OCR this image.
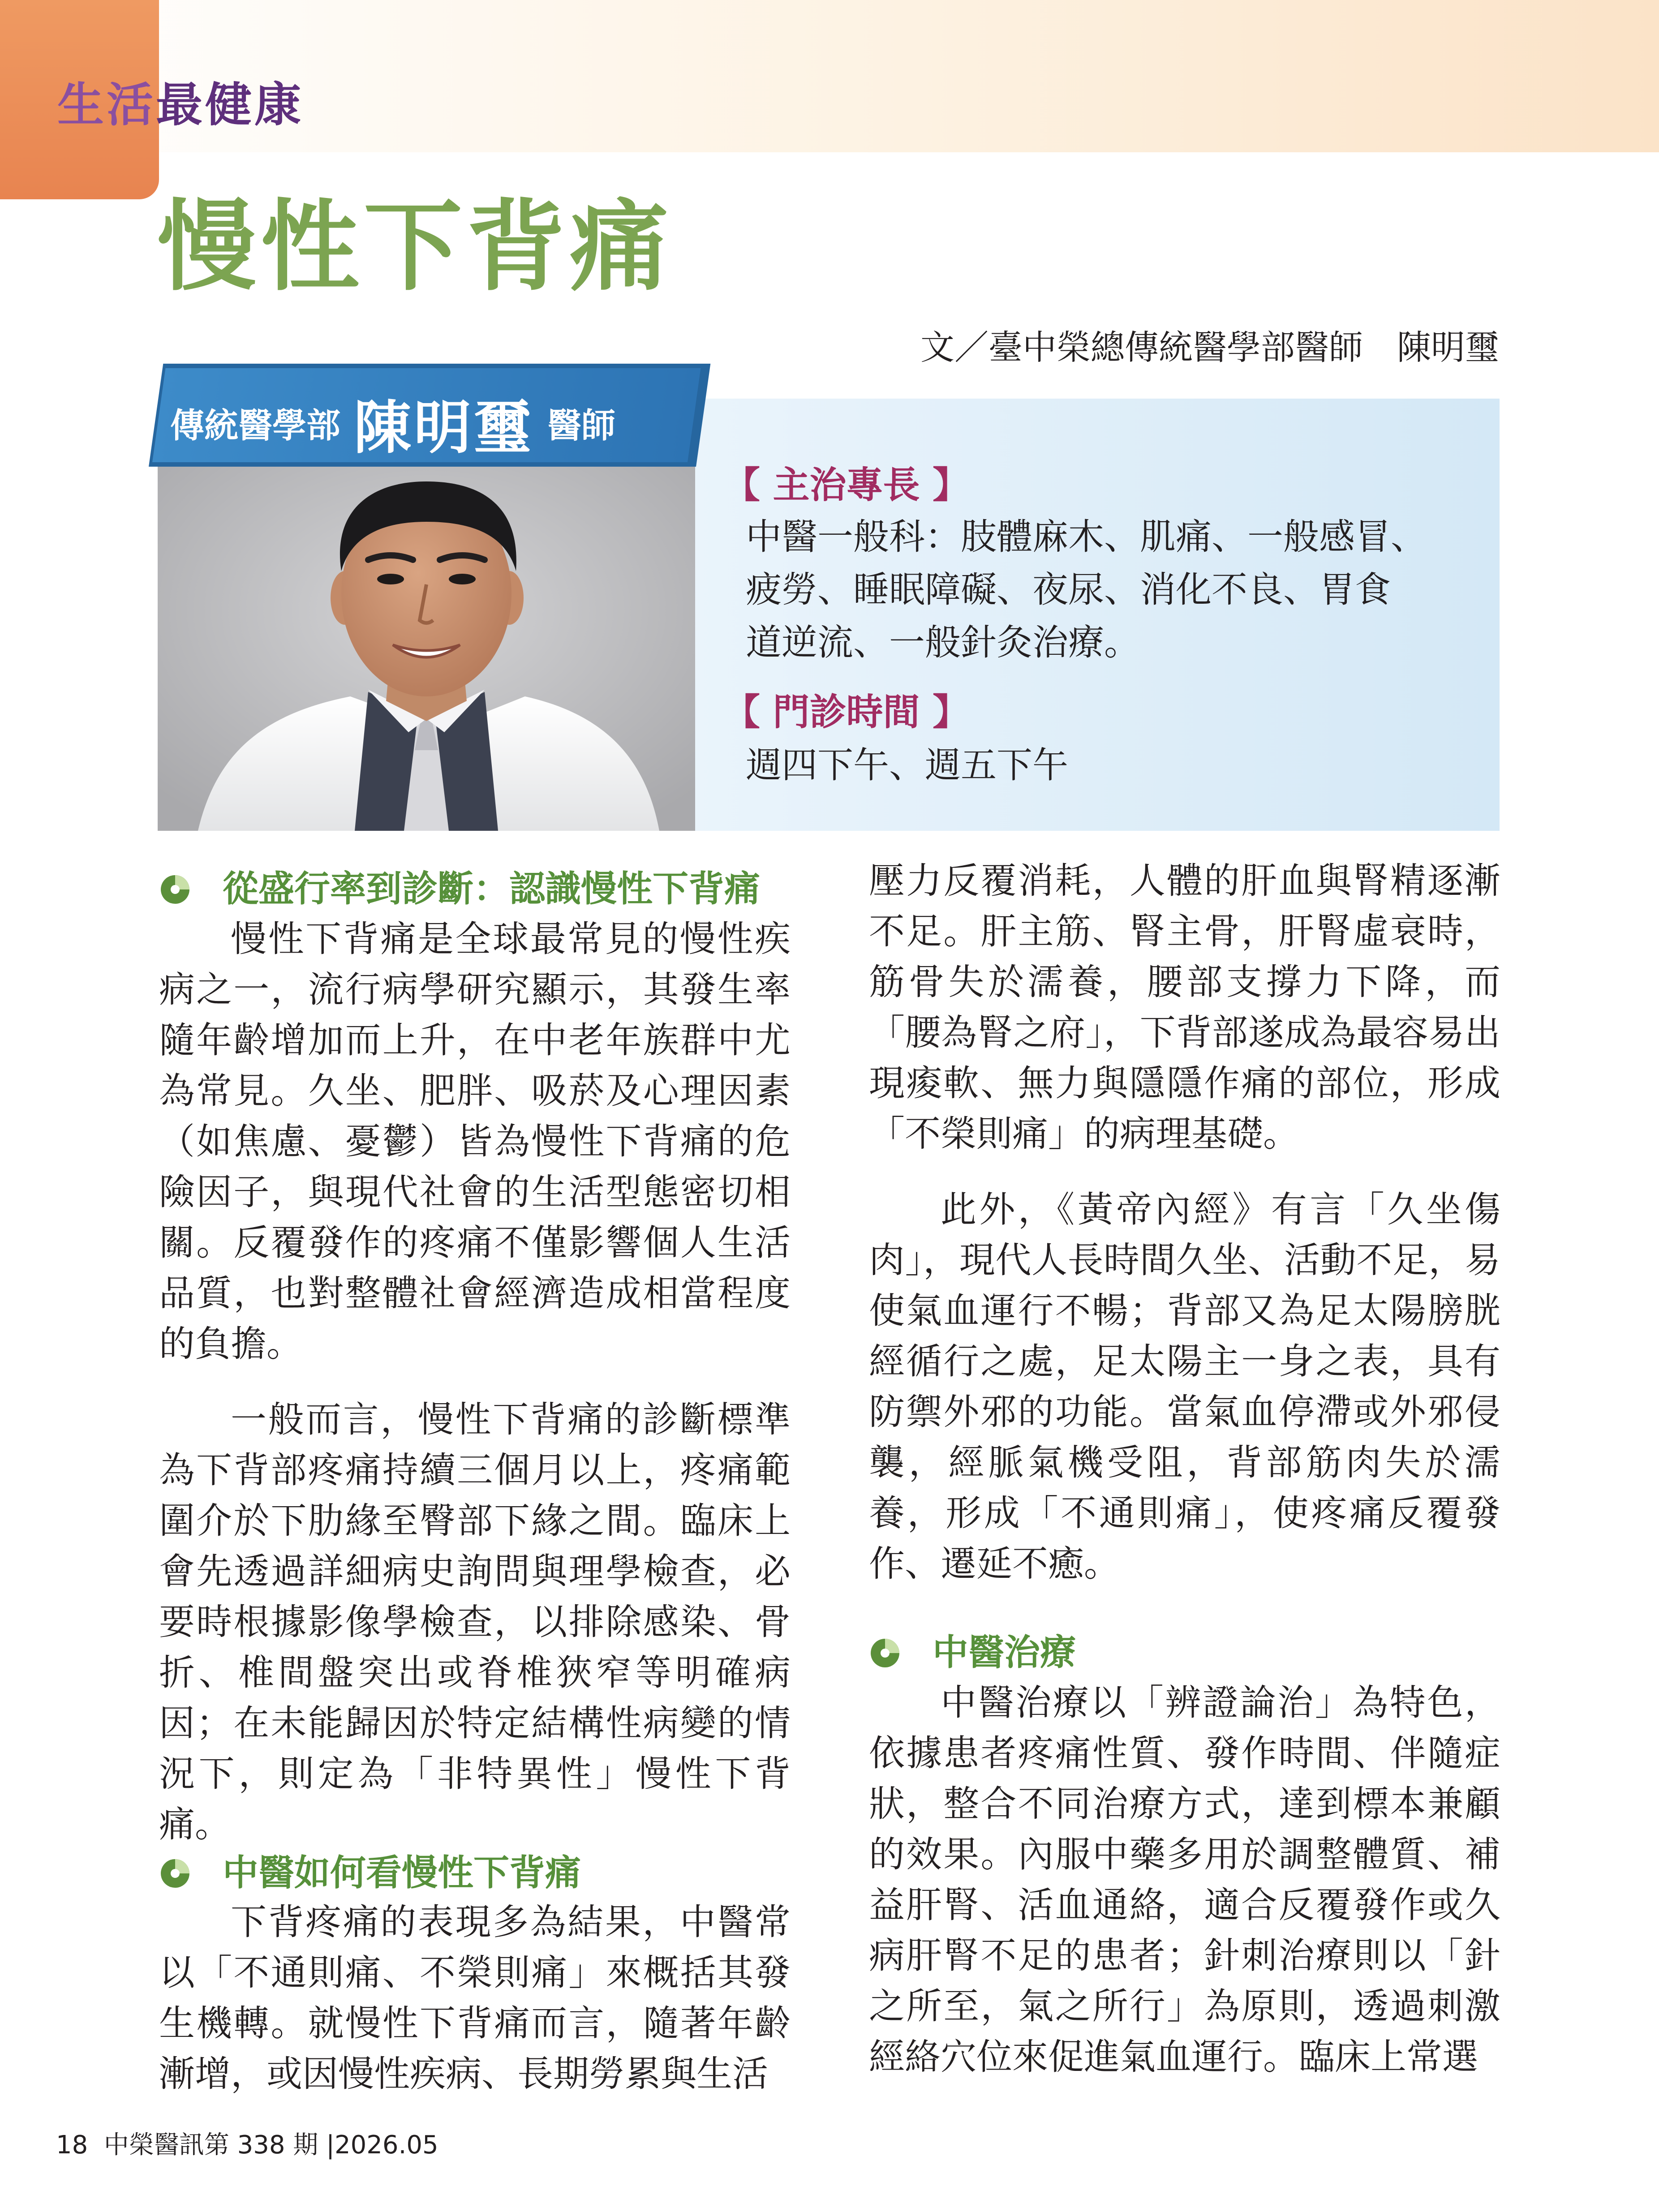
生活最健康
慢性下背痛
文／臺中榮總傳統醫學部醫師　陳明璽
傳統醫學部 陳明璽 醫師
【 主治專長 】
中醫一般科：肢體麻木、肌痛、一般感冒、
疲勞、睡眠障礙、夜尿、消化不良、胃食
道逆流、一般針灸治療。
【 門診時間 】
週四下午、週五下午
從盛行率到診斷：認識慢性下背痛

慢性下背痛是全球最常見的慢性疾病之一，流行病學研究顯示，其發生率隨年齡增加而上升，在中老年族群中尤為常見。久坐、肥胖、吸菸及心理因素（如焦慮、憂鬱）皆為慢性下背痛的危險因子，與現代社會的生活型態密切相關。反覆發作的疼痛不僅影響個人生活品質，也對整體社會經濟造成相當程度的負擔。

一般而言，慢性下背痛的診斷標準為下背部疼痛持續三個月以上，疼痛範圍介於下肋緣至臀部下緣之間。臨床上會先透過詳細病史詢問與理學檢查，必要時根據影像學檢查，以排除感染、骨折、椎間盤突出或脊椎狹窄等明確病因；在未能歸因於特定結構性病變的情況下，則定為「非特異性」慢性下背痛。

中醫如何看慢性下背痛

下背疼痛的表現多為結果，中醫常以「不通則痛、不榮則痛」來概括其發生機轉。就慢性下背痛而言，隨著年齡漸增，或因慢性疾病、長期勞累與生活

壓力反覆消耗，人體的肝血與腎精逐漸不足。肝主筋、腎主骨，肝腎虛衰時，筋骨失於濡養，腰部支撐力下降，而「腰為腎之府」，下背部遂成為最容易出現痠軟、無力與隱隱作痛的部位，形成「不榮則痛」的病理基礎。

此外，《黃帝內經》有言「久坐傷肉」，現代人長時間久坐、活動不足，易使氣血運行不暢；背部又為足太陽膀胱經循行之處，足太陽主一身之表，具有防禦外邪的功能。當氣血停滯或外邪侵襲，經脈氣機受阻，背部筋肉失於濡養，形成「不通則痛」，使疼痛反覆發作、遷延不癒。

中醫治療

中醫治療以「辨證論治」為特色，依據患者疼痛性質、發作時間、伴隨症狀，整合不同治療方式，達到標本兼顧的效果。內服中藥多用於調整體質、補益肝腎、活血通絡，適合反覆發作或久病肝腎不足的患者；針刺治療則以「針之所至，氣之所行」為原則，透過刺激經絡穴位來促進氣血運行。臨床上常選

18 中榮醫訊第 338 期 |2026.05
